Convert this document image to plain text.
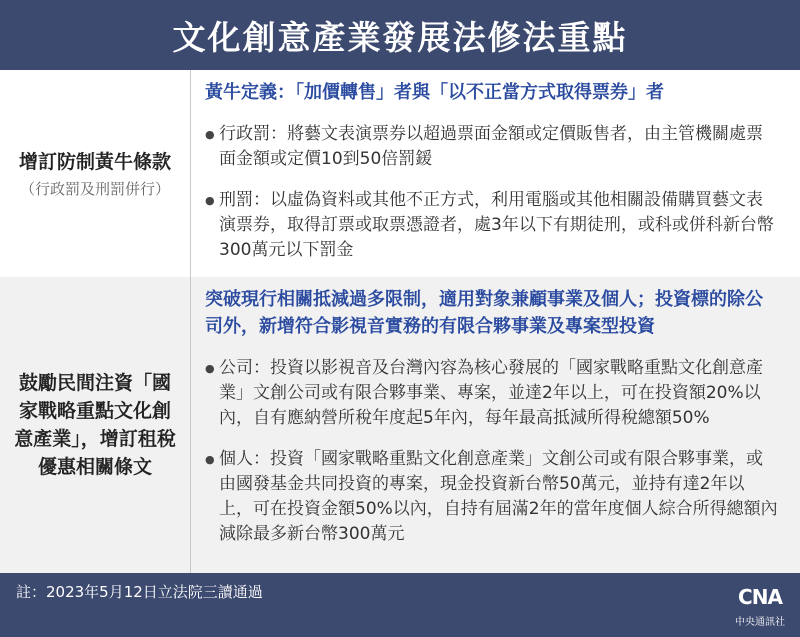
文化創意產業發展法修法重點
增訂防制黃牛條款
（行政罰及刑罰併行）
黃牛定義：「加價轉售」者與「以不正當方式取得票券」者
● 行政罰：將藝文表演票券以超過票面金額或定價販售者，由主管機關處票面金額或定價10到50倍罰鍰
● 刑罰：以虛偽資料或其他不正方式，利用電腦或其他相關設備購買藝文表演票券，取得訂票或取票憑證者，處3年以下有期徒刑，或科或併科新台幣300萬元以下罰金
鼓勵民間注資「國家戰略重點文化創意產業」，增訂租稅優惠相關條文
突破現行相關抵減過多限制，適用對象兼顧事業及個人；投資標的除公司外，新增符合影視音實務的有限合夥事業及專案型投資
● 公司：投資以影視音及台灣內容為核心發展的「國家戰略重點文化創意產業」文創公司或有限合夥事業、專案，並達2年以上，可在投資額20%以內，自有應納營所稅年度起5年內，每年最高抵減所得稅總額50%
● 個人：投資「國家戰略重點文化創意產業」文創公司或有限合夥事業，或由國發基金共同投資的專案，現金投資新台幣50萬元，並持有達2年以上，可在投資金額50%以內，自持有屆滿2年的當年度個人綜合所得總額內減除最多新台幣300萬元
註：2023年5月12日立法院三讀通過	CNA
中央通訊社
